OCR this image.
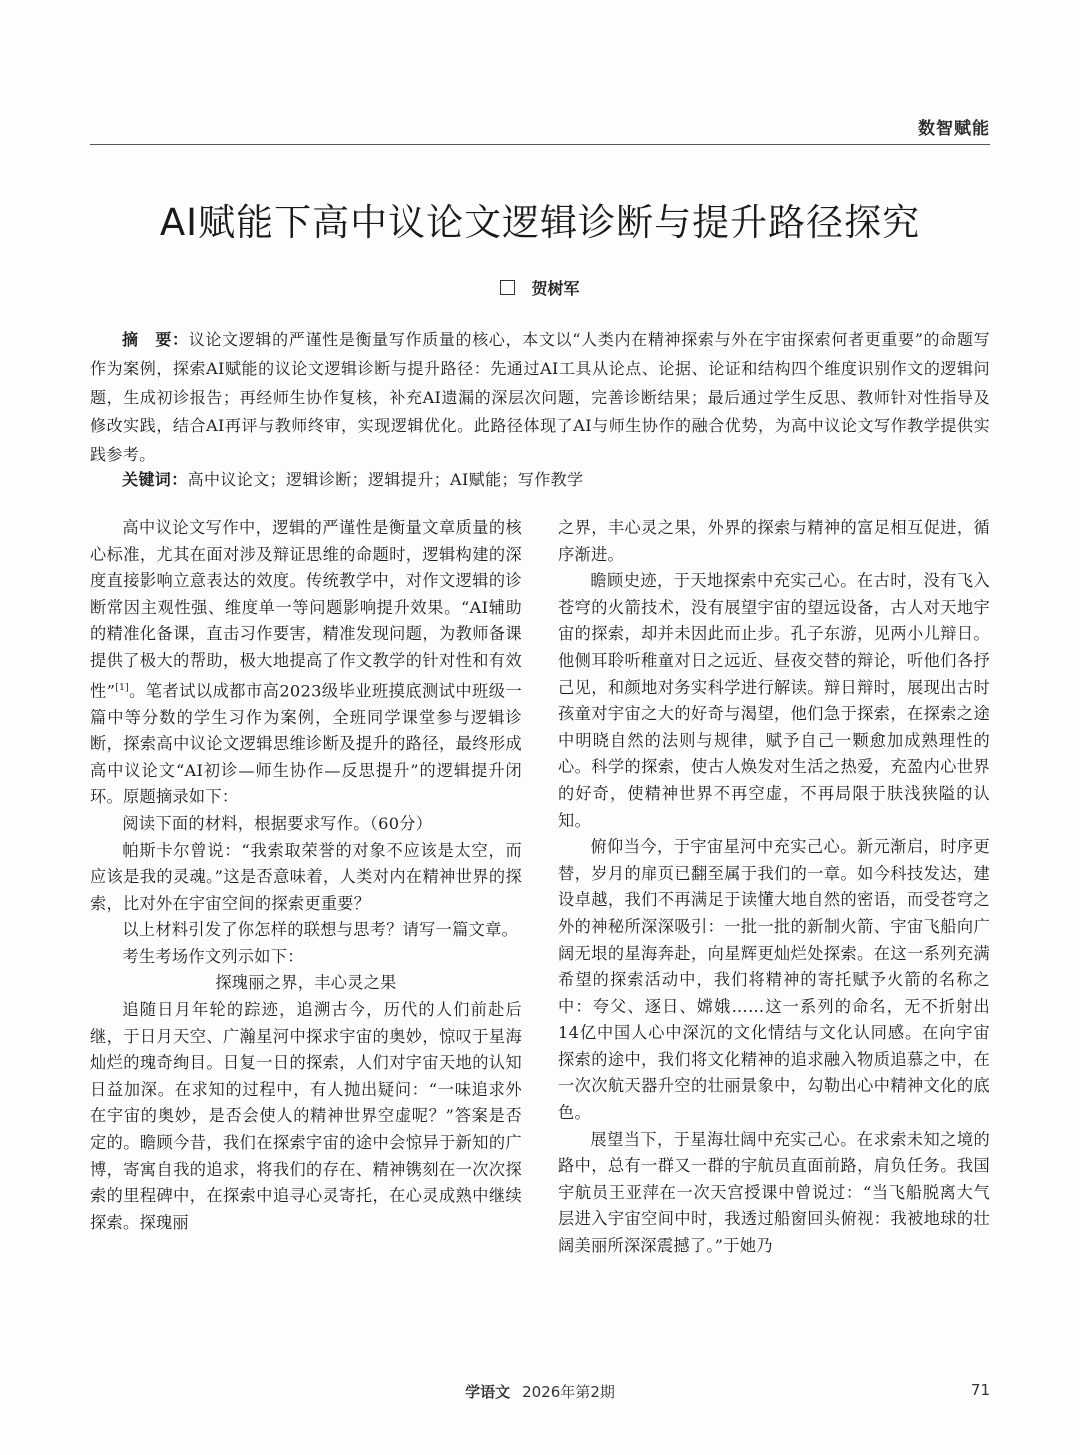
数智赋能
AI赋能下高中议论文逻辑诊断与提升路径探究
贺树军

摘　要：议论文逻辑的严谨性是衡量写作质量的核心，本文以“人类内在精神探索与外在宇宙探索何者更重要”的命题写作为案例，探索AI赋能的议论文逻辑诊断与提升路径：先通过AI工具从论点、论据、论证和结构四个维度识别作文的逻辑问题，生成初诊报告；再经师生协作复核，补充AI遗漏的深层次问题，完善诊断结果；最后通过学生反思、教师针对性指导及修改实践，结合AI再评与教师终审，实现逻辑优化。此路径体现了AI与师生协作的融合优势，为高中议论文写作教学提供实践参考。

关键词：高中议论文；逻辑诊断；逻辑提升；AI赋能；写作教学

高中议论文写作中，逻辑的严谨性是衡量文章质量的核心标准，尤其在面对涉及辩证思维的命题时，逻辑构建的深度直接影响立意表达的效度。传统教学中，对作文逻辑的诊断常因主观性强、维度单一等问题影响提升效果。“AI辅助的精准化备课，直击习作要害，精准发现问题，为教师备课提供了极大的帮助，极大地提高了作文教学的针对性和有效性”[1]。笔者试以成都市高2023级毕业班摸底测试中班级一篇中等分数的学生习作为案例，全班同学课堂参与逻辑诊断，探索高中议论文逻辑思维诊断及提升的路径，最终形成高中议论文“AI初诊—师生协作—反思提升”的逻辑提升闭环。原题摘录如下：

阅读下面的材料，根据要求写作。（60分）

帕斯卡尔曾说：“我索取荣誉的对象不应该是太空，而应该是我的灵魂。”这是否意味着，人类对内在精神世界的探索，比对外在宇宙空间的探索更重要？

以上材料引发了你怎样的联想与思考？请写一篇文章。

考生考场作文列示如下：

探瑰丽之界，丰心灵之果

追随日月年轮的踪迹，追溯古今，历代的人们前赴后继，于日月天空、广瀚星河中探求宇宙的奥妙，惊叹于星海灿烂的瑰奇绚目。日复一日的探索，人们对宇宙天地的认知日益加深。在求知的过程中，有人抛出疑问：“一味追求外在宇宙的奥妙，是否会使人的精神世界空虚呢？”答案是否定的。瞻顾今昔，我们在探索宇宙的途中会惊异于新知的广博，寄寓自我的追求，将我们的存在、精神镌刻在一次次探索的里程碑中，在探索中追寻心灵寄托，在心灵成熟中继续探索。探瑰丽

之界，丰心灵之果，外界的探索与精神的富足相互促进，循序渐进。

瞻顾史迹，于天地探索中充实己心。在古时，没有飞入苍穹的火箭技术，没有展望宇宙的望远设备，古人对天地宇宙的探索，却并未因此而止步。孔子东游，见两小儿辩日。他侧耳聆听稚童对日之远近、昼夜交替的辩论，听他们各抒己见，和颜地对务实科学进行解读。辩日辩时，展现出古时孩童对宇宙之大的好奇与渴望，他们急于探索，在探索之途中明晓自然的法则与规律，赋予自己一颗愈加成熟理性的心。科学的探索，使古人焕发对生活之热爱，充盈内心世界的好奇，使精神世界不再空虚，不再局限于肤浅狭隘的认知。

俯仰当今，于宇宙星河中充实己心。新元渐启，时序更替，岁月的扉页已翻至属于我们的一章。如今科技发达，建设卓越，我们不再满足于读懂大地自然的密语，而受苍穹之外的神秘所深深吸引：一批一批的新制火箭、宇宙飞船向广阔无垠的星海奔赴，向星辉更灿烂处探索。在这一系列充满希望的探索活动中，我们将精神的寄托赋予火箭的名称之中：夸父、逐日、嫦娥……这一系列的命名，无不折射出14亿中国人心中深沉的文化情结与文化认同感。在向宇宙探索的途中，我们将文化精神的追求融入物质追慕之中，在一次次航天器升空的壮丽景象中，勾勒出心中精神文化的底色。

展望当下，于星海壮阔中充实己心。在求索未知之境的路中，总有一群又一群的宇航员直面前路，肩负任务。我国宇航员王亚萍在一次天宫授课中曾说过：“当飞船脱离大气层进入宇宙空间中时，我透过船窗回头俯视：我被地球的壮阔美丽所深深震撼了。”于她乃

学语文 2026年第2期	71
